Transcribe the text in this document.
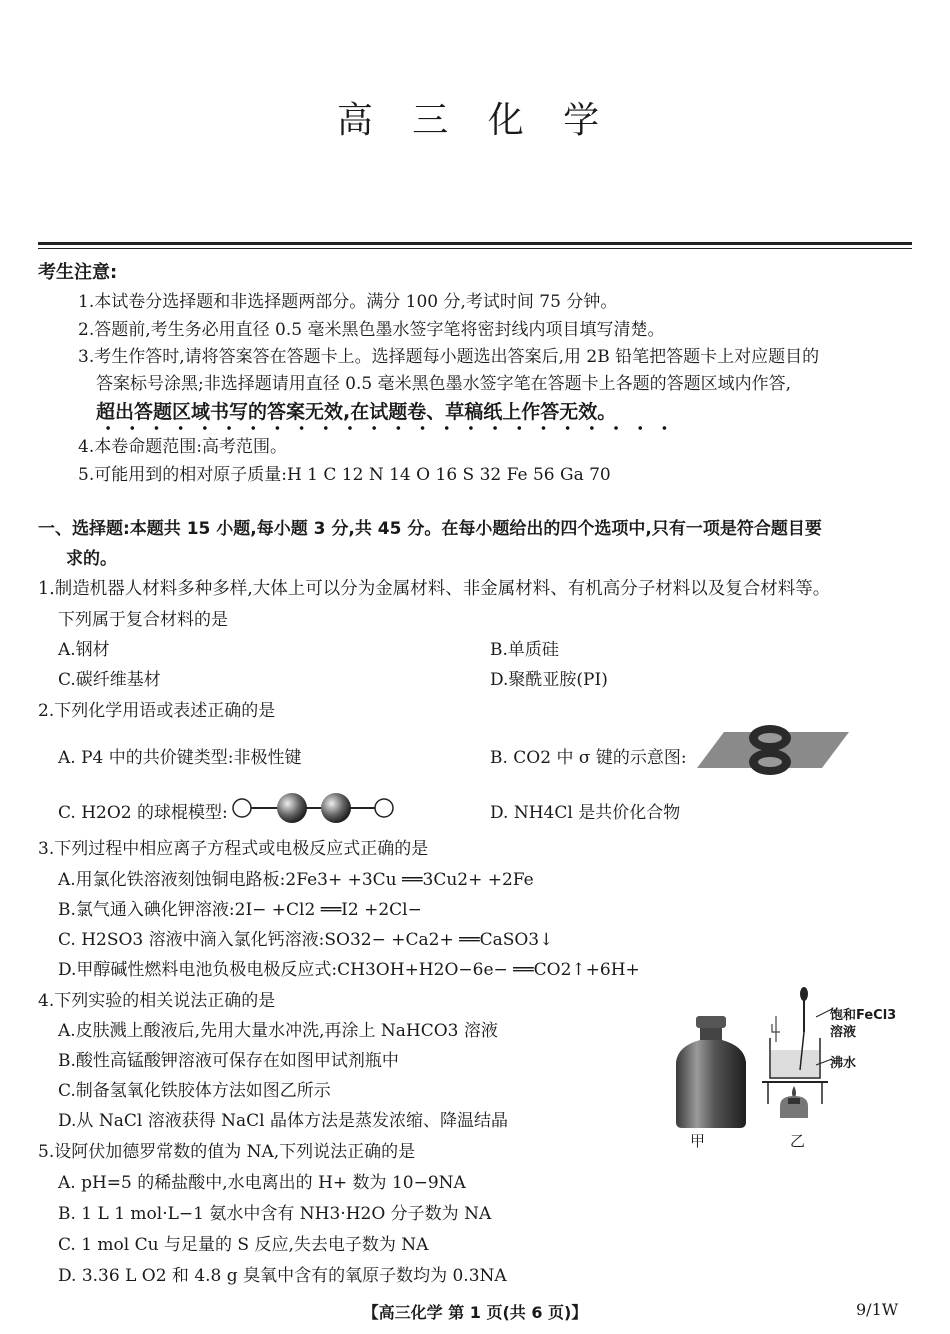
高 三 化 学
考生注意:
1.本试卷分选择题和非选择题两部分。满分 100 分,考试时间 75 分钟。
2.答题前,考生务必用直径 0.5 毫米黑色墨水签字笔将密封线内项目填写清楚。
3.考生作答时,请将答案答在答题卡上。选择题每小题选出答案后,用 2B 铅笔把答题卡上对应题目的
答案标号涂黑;非选择题请用直径 0.5 毫米黑色墨水签字笔在答题卡上各题的答题区域内作答,
超出答题区域书写的答案无效,在试题卷、草稿纸上作答无效。
4.本卷命题范围:高考范围。
5.可能用到的相对原子质量:H 1 C 12 N 14 O 16 S 32 Fe 56 Ga 70
一、选择题:本题共 15 小题,每小题 3 分,共 45 分。在每小题给出的四个选项中,只有一项是符合题目要
求的。
1.制造机器人材料多种多样,大体上可以分为金属材料、非金属材料、有机高分子材料以及复合材料等。
下列属于复合材料的是
A.钢材	B.单质硅
C.碳纤维基材	D.聚酰亚胺(PI)
2.下列化学用语或表述正确的是
A. P4 中的共价键类型:非极性键	B. CO2 中 σ 键的示意图:
C. H2O2 的球棍模型:	D. NH4Cl 是共价化合物
3.下列过程中相应离子方程式或电极反应式正确的是
A.用氯化铁溶液刻蚀铜电路板:2Fe3+ +3Cu ══3Cu2+ +2Fe
B.氯气通入碘化钾溶液:2I− +Cl2 ══I2 +2Cl−
C. H2SO3 溶液中滴入氯化钙溶液:SO32− +Ca2+ ══CaSO3↓
D.甲醇碱性燃料电池负极电极反应式:CH3OH+H2O−6e− ══CO2↑+6H+
4.下列实验的相关说法正确的是
A.皮肤溅上酸液后,先用大量水冲洗,再涂上 NaHCO3 溶液
B.酸性高锰酸钾溶液可保存在如图甲试剂瓶中
C.制备氢氧化铁胶体方法如图乙所示
D.从 NaCl 溶液获得 NaCl 晶体方法是蒸发浓缩、降温结晶
甲
饱和FeCl3
溶液
沸水
乙
5.设阿伏加德罗常数的值为 NA,下列说法正确的是
A. pH=5 的稀盐酸中,水电离出的 H+ 数为 10−9NA
B. 1 L 1 mol·L−1 氨水中含有 NH3·H2O 分子数为 NA
C. 1 mol Cu 与足量的 S 反应,失去电子数为 NA
D. 3.36 L O2 和 4.8 g 臭氧中含有的氧原子数均为 0.3NA
【高三化学 第 1 页(共 6 页)】	9/1W
